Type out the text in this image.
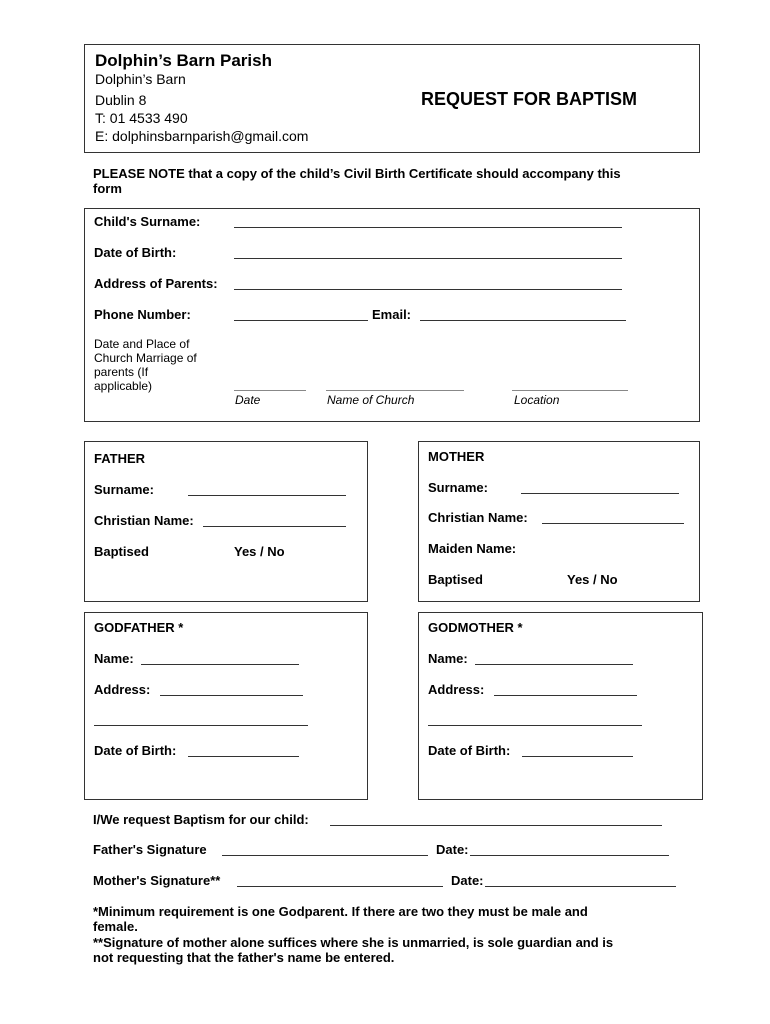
Dolphin’s Barn Parish
Dolphin’s Barn
Dublin 8
T: 01 4533 490
E: dolphinsbarnparish@gmail.com
REQUEST FOR BAPTISM
PLEASE NOTE that a copy of the child’s Civil Birth Certificate should accompany this
form
Child's Surname:
Date of Birth:
Address of Parents:
Phone Number:	Email:
Date and Place of
Church Marriage of
parents (If
applicable)
Date	Name of Church	Location
FATHER
Surname:
Christian Name:
Baptised	Yes / No
MOTHER
Surname:
Christian Name:
Maiden Name:
Baptised	Yes / No
GODFATHER *
Name:
Address:
Date of Birth:
GODMOTHER *
Name:
Address:
Date of Birth:
I/We request Baptism for our child:
Father's Signature	Date:
Mother's Signature**	Date:
*Minimum requirement is one Godparent. If there are two they must be male and
female.
**Signature of mother alone suffices where she is unmarried, is sole guardian and is
not requesting that the father's name be entered.
